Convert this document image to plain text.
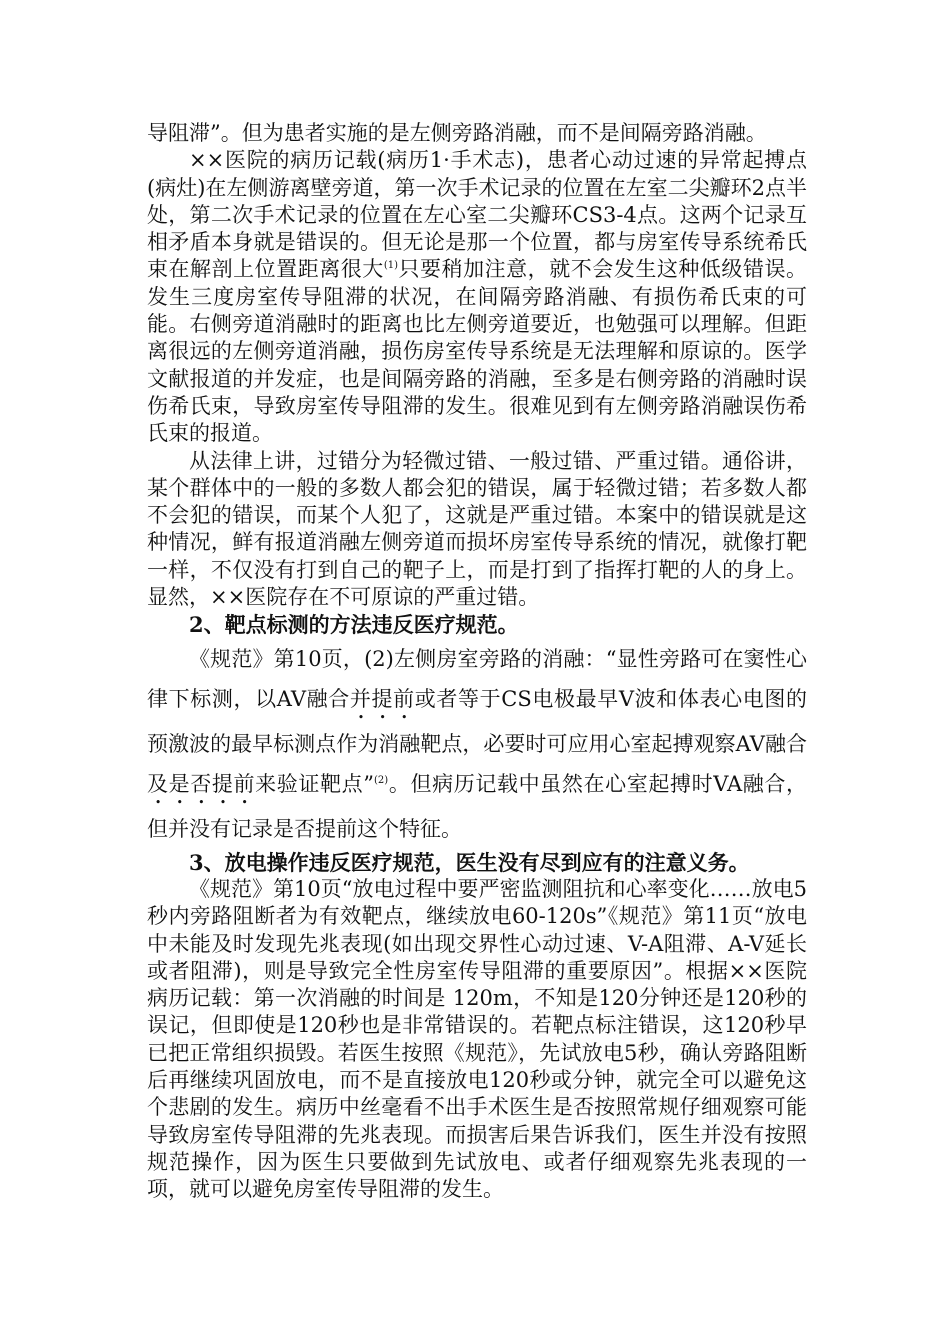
导阻滞”。但为患者实施的是左侧旁路消融，而不是间隔旁路消融。

××医院的病历记载(病历1·手术志)，患者心动过速的异常起搏点(病灶)在左侧游离壁旁道，第一次手术记录的位置在左室二尖瓣环2点半处，第二次手术记录的位置在左心室二尖瓣环CS3-4点。这两个记录互相矛盾本身就是错误的。但无论是那一个位置，都与房室传导系统希氏束在解剖上位置距离很大$^{(1)}$只要稍加注意，就不会发生这种低级错误。发生三度房室传导阻滞的状况，在间隔旁路消融、有损伤希氏束的可能。右侧旁道消融时的距离也比左侧旁道要近，也勉强可以理解。但距离很远的左侧旁道消融，损伤房室传导系统是无法理解和原谅的。医学文献报道的并发症，也是间隔旁路的消融，至多是右侧旁路的消融时误伤希氏束，导致房室传导阻滞的发生。很难见到有左侧旁路消融误伤希氏束的报道。

从法律上讲，过错分为轻微过错、一般过错、严重过错。通俗讲，某个群体中的一般的多数人都会犯的错误，属于轻微过错；若多数人都不会犯的错误，而某个人犯了，这就是严重过错。本案中的错误就是这种情况，鲜有报道消融左侧旁道而损坏房室传导系统的情况，就像打靶一样，不仅没有打到自己的靶子上，而是打到了指挥打靶的人的身上。显然，××医院存在不可原谅的严重过错。

2、靶点标测的方法违反医疗规范。

《规范》第10页，(2)左侧房室旁路的消融：“显性旁路可在窦性心律下标测，以AV融合并提前或者等于CS电极最早V波和体表心电图的预激波的最早标测点作为消融靶点，必要时可应用心室起搏观察AV融合及是否提前来验证靶点”$^{(2)}$。但病历记载中虽然在心室起搏时VA融合，但并没有记录是否提前这个特征。

3、放电操作违反医疗规范，医生没有尽到应有的注意义务。

《规范》第10页“放电过程中要严密监测阻抗和心率变化……放电5秒内旁路阻断者为有效靶点，继续放电60-120s”《规范》第11页“放电中未能及时发现先兆表现(如出现交界性心动过速、V-A阻滞、A-V延长或者阻滞)，则是导致完全性房室传导阻滞的重要原因”。根据××医院病历记载：第一次消融的时间是 120m，不知是120分钟还是120秒的误记，但即使是120秒也是非常错误的。若靶点标注错误，这120秒早已把正常组织损毁。若医生按照《规范》，先试放电5秒，确认旁路阻断后再继续巩固放电，而不是直接放电120秒或分钟，就完全可以避免这个悲剧的发生。病历中丝毫看不出手术医生是否按照常规仔细观察可能导致房室传导阻滞的先兆表现。而损害后果告诉我们，医生并没有按照规范操作，因为医生只要做到先试放电、或者仔细观察先兆表现的一项，就可以避免房室传导阻滞的发生。
